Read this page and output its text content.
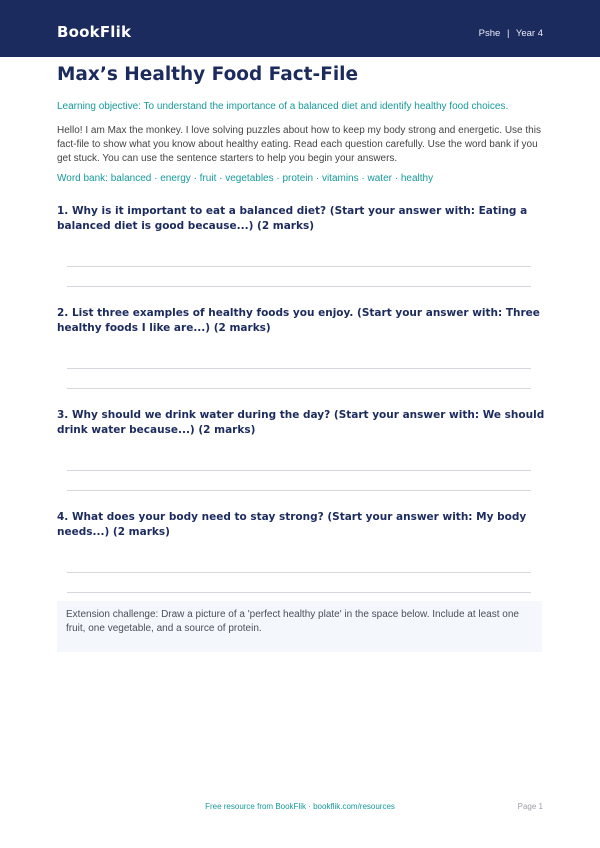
BookFlik	Pshe | Year 4
Max’s Healthy Food Fact-File
Learning objective: To understand the importance of a balanced diet and identify healthy food choices.
Hello! I am Max the monkey. I love solving puzzles about how to keep my body strong and energetic. Use this fact-file to show what you know about healthy eating. Read each question carefully. Use the word bank if you get stuck. You can use the sentence starters to help you begin your answers.
Word bank: balanced · energy · fruit · vegetables · protein · vitamins · water · healthy
1. Why is it important to eat a balanced diet? (Start your answer with: Eating a balanced diet is good because...) (2 marks)
2. List three examples of healthy foods you enjoy. (Start your answer with: Three healthy foods I like are...) (2 marks)
3. Why should we drink water during the day? (Start your answer with: We should drink water because...) (2 marks)
4. What does your body need to stay strong? (Start your answer with: My body needs...) (2 marks)
Extension challenge: Draw a picture of a 'perfect healthy plate' in the space below. Include at least one fruit, one vegetable, and a source of protein.
Free resource from BookFlik · bookflik.com/resources	Page 1
